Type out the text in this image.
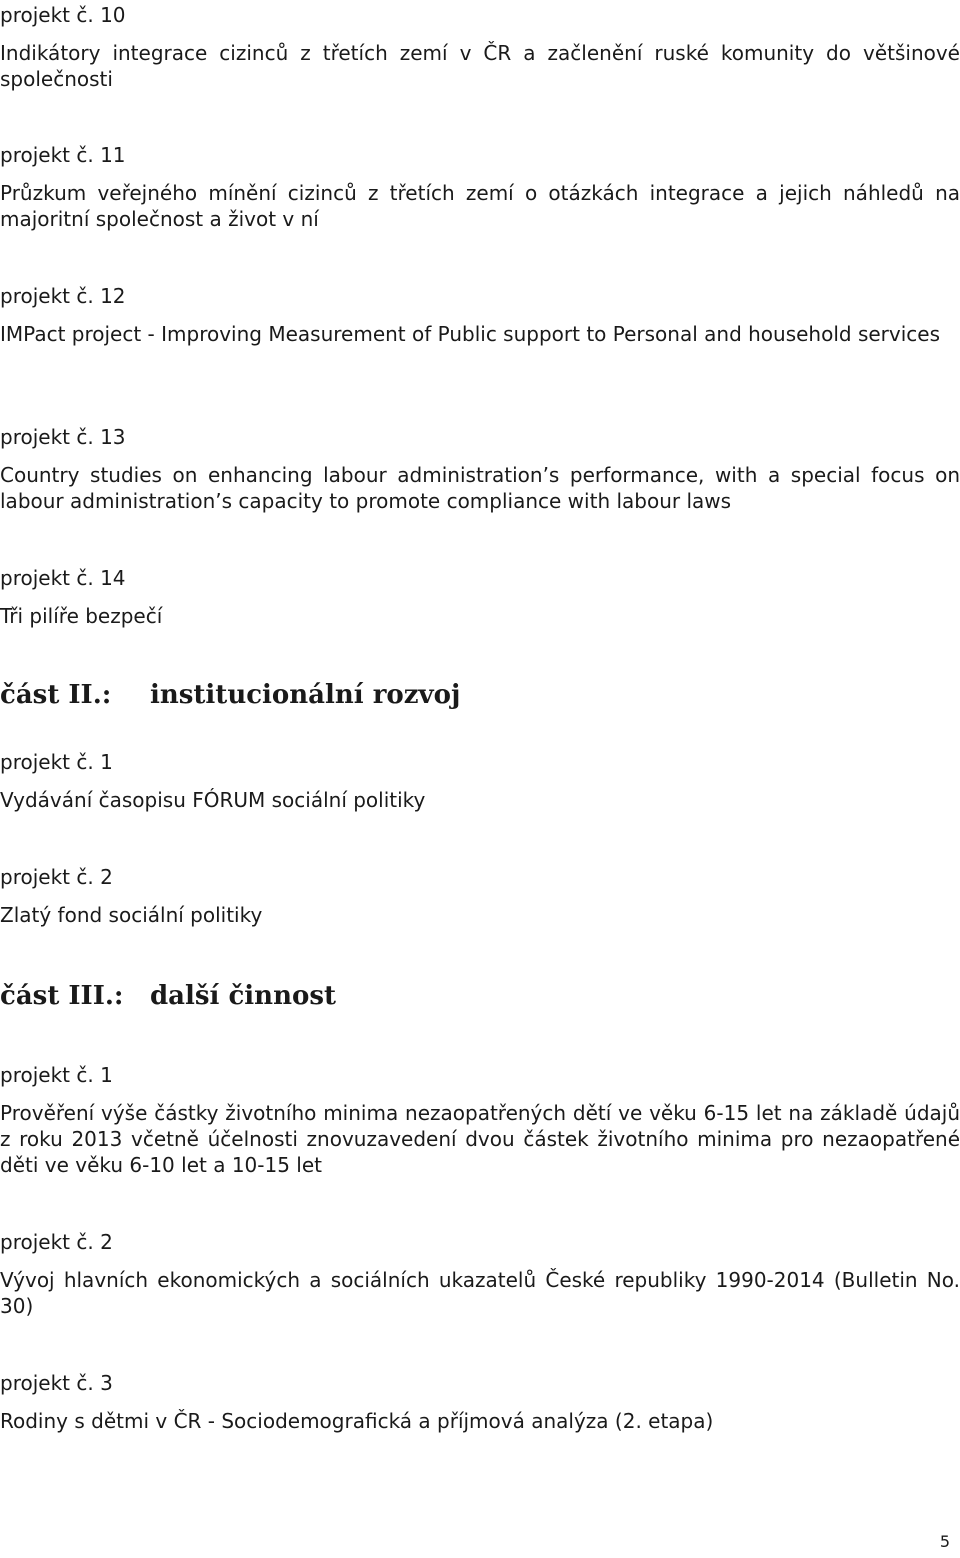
projekt č. 10

Indikátory integrace cizinců z třetích zemí v ČR a začlenění ruské komunity do většinové společnosti

projekt č. 11

Průzkum veřejného mínění cizinců z třetích zemí o otázkách integrace a jejich náhledů na majoritní společnost a život v ní

projekt č. 12

IMPact project - Improving Measurement of Public support to Personal and household services

projekt č. 13

Country studies on enhancing labour administration’s performance, with a special focus on labour administration’s capacity to promote compliance with labour laws

projekt č. 14

Tři pilíře bezpečí

část II.: institucionální rozvoj

projekt č. 1

Vydávání časopisu FÓRUM sociální politiky

projekt č. 2

Zlatý fond sociální politiky

část III.: další činnost

projekt č. 1

Prověření výše částky životního minima nezaopatřených dětí ve věku 6-15 let na základě údajů z roku 2013 včetně účelnosti znovuzavedení dvou částek životního minima pro nezaopatřené děti ve věku 6-10 let a 10-15 let

projekt č. 2

Vývoj hlavních ekonomických a sociálních ukazatelů České republiky 1990-2014 (Bulletin No. 30)

projekt č. 3

Rodiny s dětmi v ČR - Sociodemografická a příjmová analýza (2. etapa)

5
